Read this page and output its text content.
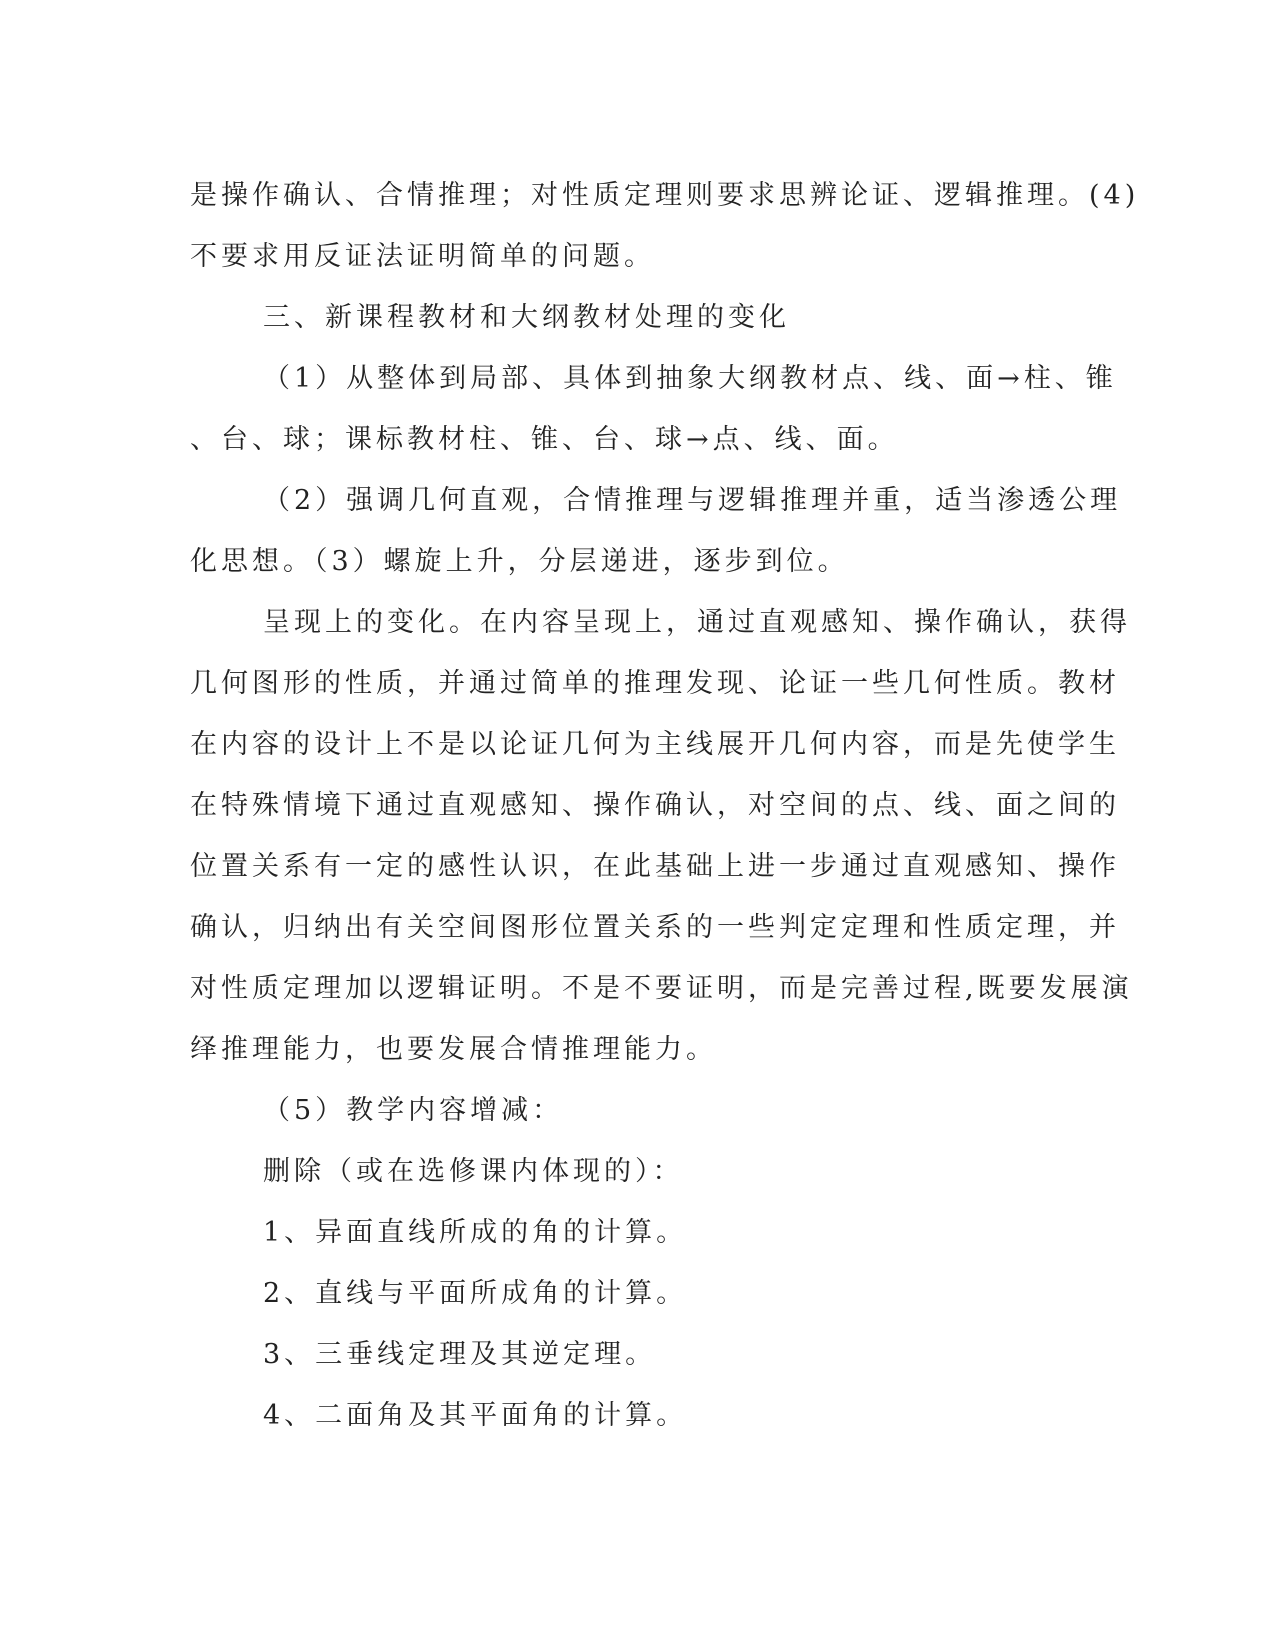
是操作确认、合情推理；对性质定理则要求思辨论证、逻辑推理。(4)
不要求用反证法证明简单的问题。
三、新课程教材和大纲教材处理的变化
（1）从整体到局部、具体到抽象大纲教材点、线、面→柱、锥
、台、球；课标教材柱、锥、台、球→点、线、面。
（2）强调几何直观，合情推理与逻辑推理并重，适当渗透公理
化思想。（3）螺旋上升，分层递进，逐步到位。
呈现上的变化。在内容呈现上，通过直观感知、操作确认，获得
几何图形的性质，并通过简单的推理发现、论证一些几何性质。教材
在内容的设计上不是以论证几何为主线展开几何内容，而是先使学生
在特殊情境下通过直观感知、操作确认，对空间的点、线、面之间的
位置关系有一定的感性认识，在此基础上进一步通过直观感知、操作
确认，归纳出有关空间图形位置关系的一些判定定理和性质定理，并
对性质定理加以逻辑证明。不是不要证明，而是完善过程,既要发展演
绎推理能力，也要发展合情推理能力。
（5）教学内容增减：
删除（或在选修课内体现的）：
1、异面直线所成的角的计算。
2、直线与平面所成角的计算。
3、三垂线定理及其逆定理。
4、二面角及其平面角的计算。
